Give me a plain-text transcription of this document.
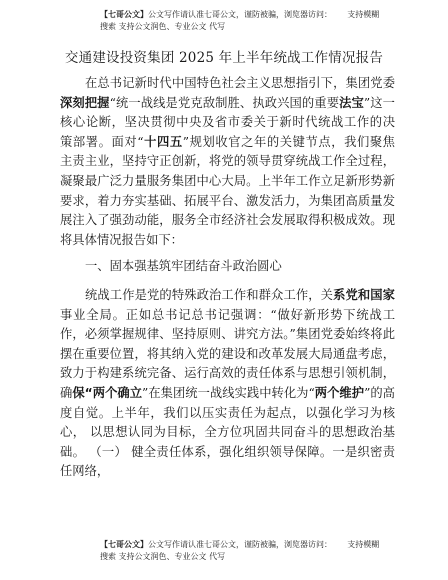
【七哥公文】公文写作请认准七哥公文，谨防被骗，浏览器访问： 支持模糊
搜索 支持公文润色、专业公文 代写
交通建设投资集团 2025 年上半年统战工作情况报告

在总书记新时代中国特色社会主义思想指引下，集团党委深刻把握“统一战线是党克敌制胜、执政兴国的重要法宝”这一核心论断，坚决贯彻中央及省市委关于新时代统战工作的决 策部署。面对“十四五”规划收官之年的关键节点，我们聚焦 主责主业，坚持守正创新，将党的领导贯穿统战工作全过程， 凝聚最广泛力量服务集团中心大局。上半年工作立足新形势新 要求，着力夯实基础、拓展平台、激发活力，为集团高质量发 展注入了强劲动能，服务全市经济社会发展取得积极成效。现 将具体情况报告如下：

一、固本强基筑牢团结奋斗政治圆心

统战工作是党的特殊政治工作和群众工作，关系党和国家事业全局。正如总书记总书记强调：“做好新形势下统战工作，必须掌握规律、坚持原则、讲究方法。”集团党委始终将此摆在重要位置，将其纳入党的建设和改革发展大局通盘考虑，致力于构建系统完备、运行高效的责任体系与思想引领机制，确保“两个确立”在集团统一战线实践中转化为“两个维护”的高度自觉。上半年，我们以压实责任为起点，以强化学习为核心， 以思想认同为目标，全方位巩固共同奋斗的思想政治基础。 （一） 健全责任体系，强化组织领导保障。一是织密责任网络，

【七哥公文】公文写作请认准七哥公文，谨防被骗，浏览器访问： 支持模糊
搜索 支持公文润色、专业公文 代写
